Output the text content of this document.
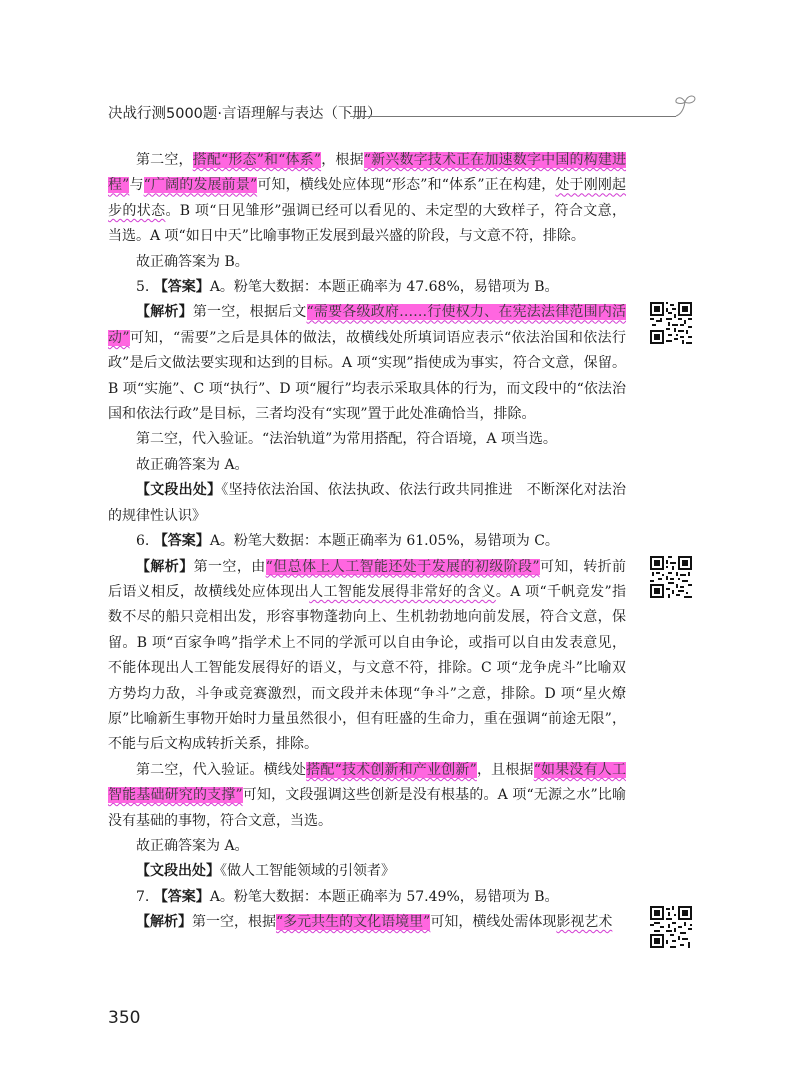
决战行测5000题·言语理解与表达（下册）

第二空，搭配“形态”和“体系”，根据“新兴数字技术正在加速数字中国的构建进程”与“广阔的发展前景”可知，横线处应体现“形态”和“体系”正在构建，处于刚刚起步的状态。B 项“日见雏形”强调已经可以看见的、未定型的大致样子，符合文意，当选。A 项“如日中天”比喻事物正发展到最兴盛的阶段，与文意不符，排除。

故正确答案为 B。

5. 【答案】A。粉笔大数据：本题正确率为 47.68%，易错项为 B。

【解析】第一空，根据后文“需要各级政府……行使权力、在宪法法律范围内活动”可知，“需要”之后是具体的做法，故横线处所填词语应表示“依法治国和依法行政”是后文做法要实现和达到的目标。A 项“实现”指使成为事实，符合文意，保留。B 项“实施”、C 项“执行”、D 项“履行”均表示采取具体的行为，而文段中的“依法治国和依法行政”是目标，三者均没有“实现”置于此处准确恰当，排除。

第二空，代入验证。“法治轨道”为常用搭配，符合语境，A 项当选。

故正确答案为 A。

【文段出处】《坚持依法治国、依法执政、依法行政共同推进　不断深化对法治的规律性认识》

6. 【答案】A。粉笔大数据：本题正确率为 61.05%，易错项为 C。

【解析】第一空，由“但总体上人工智能还处于发展的初级阶段”可知，转折前后语义相反，故横线处应体现出人工智能发展得非常好的含义。A 项“千帆竞发”指数不尽的船只竞相出发，形容事物蓬勃向上、生机勃勃地向前发展，符合文意，保留。B 项“百家争鸣”指学术上不同的学派可以自由争论，或指可以自由发表意见，不能体现出人工智能发展得好的语义，与文意不符，排除。C 项“龙争虎斗”比喻双方势均力敌，斗争或竞赛激烈，而文段并未体现“争斗”之意，排除。D 项“星火燎原”比喻新生事物开始时力量虽然很小，但有旺盛的生命力，重在强调“前途无限”，不能与后文构成转折关系，排除。

第二空，代入验证。横线处搭配“技术创新和产业创新”，且根据“如果没有人工智能基础研究的支撑”可知，文段强调这些创新是没有根基的。A 项“无源之水”比喻没有基础的事物，符合文意，当选。

故正确答案为 A。

【文段出处】《做人工智能领域的引领者》

7. 【答案】A。粉笔大数据：本题正确率为 57.49%，易错项为 B。

【解析】第一空，根据“多元共生的文化语境里”可知，横线处需体现影视艺术

350
